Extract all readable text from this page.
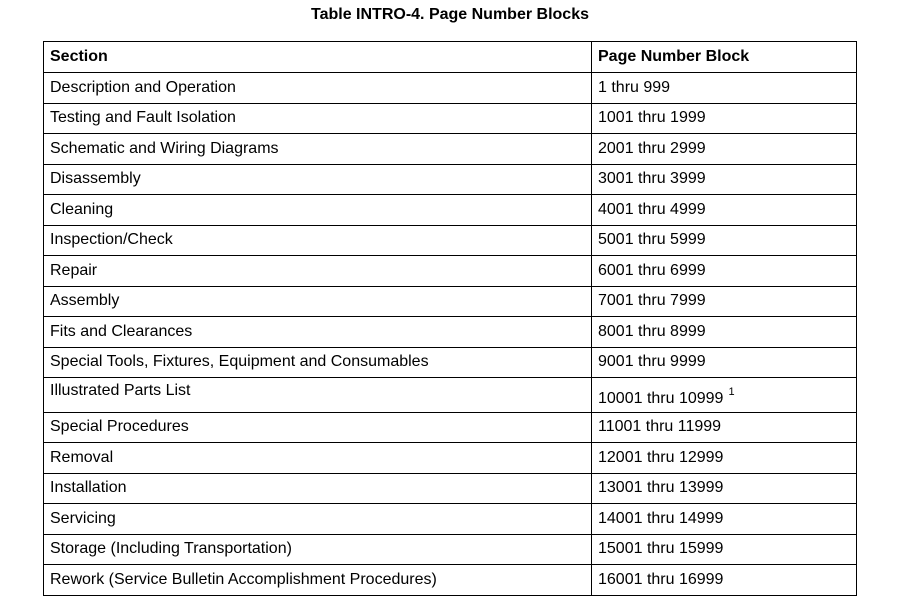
Table INTRO-4. Page Number Blocks
Section	Page Number Block
Description and Operation	1 thru 999
Testing and Fault Isolation	1001 thru 1999
Schematic and Wiring Diagrams	2001 thru 2999
Disassembly	3001 thru 3999
Cleaning	4001 thru 4999
Inspection/Check	5001 thru 5999
Repair	6001 thru 6999
Assembly	7001 thru 7999
Fits and Clearances	8001 thru 8999
Special Tools, Fixtures, Equipment and Consumables	9001 thru 9999
Illustrated Parts List	10001 thru 10999 $^1$
Special Procedures	11001 thru 11999
Removal	12001 thru 12999
Installation	13001 thru 13999
Servicing	14001 thru 14999
Storage (Including Transportation)	15001 thru 15999
Rework (Service Bulletin Accomplishment Procedures)	16001 thru 16999
